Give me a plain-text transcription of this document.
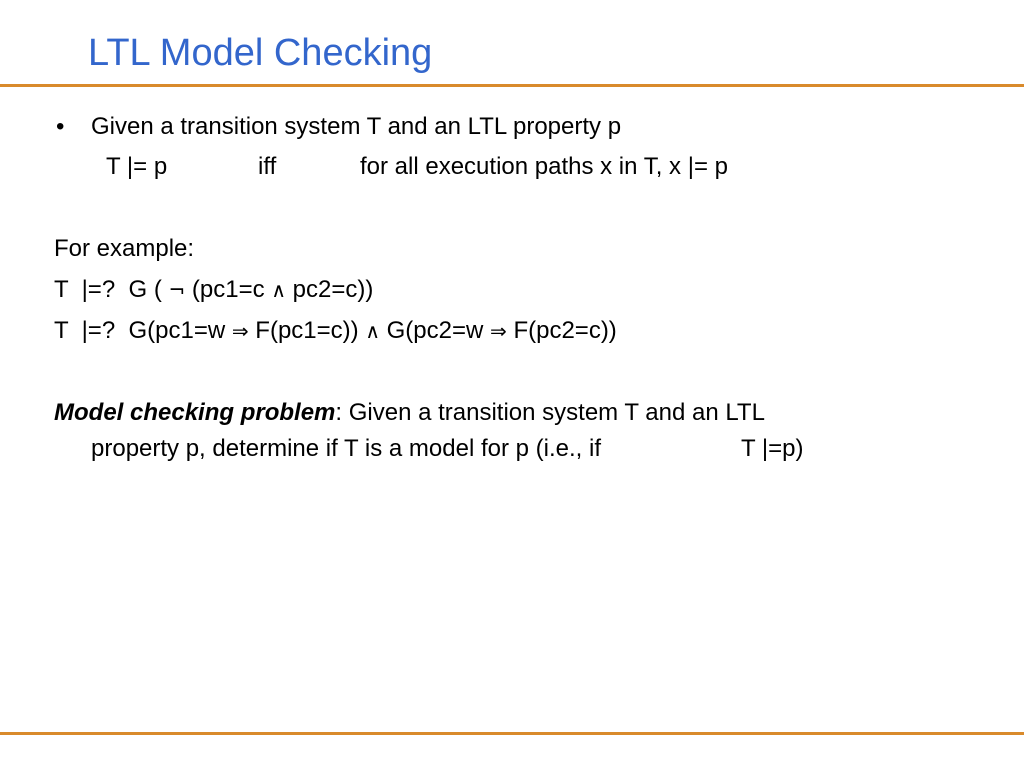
LTL Model Checking
• Given a transition system T and an LTL property p
T |= p	iff	for all execution paths x in T, x |= p
For example:
T  |=?  G ( ¬ (pc1=c ∧ pc2=c))
T  |=?  G(pc1=w ⇒ F(pc1=c)) ∧ G(pc2=w ⇒ F(pc2=c))
Model checking problem: Given a transition system T and an LTL
property p, determine if T is a model for p (i.e., if	T |=p)
